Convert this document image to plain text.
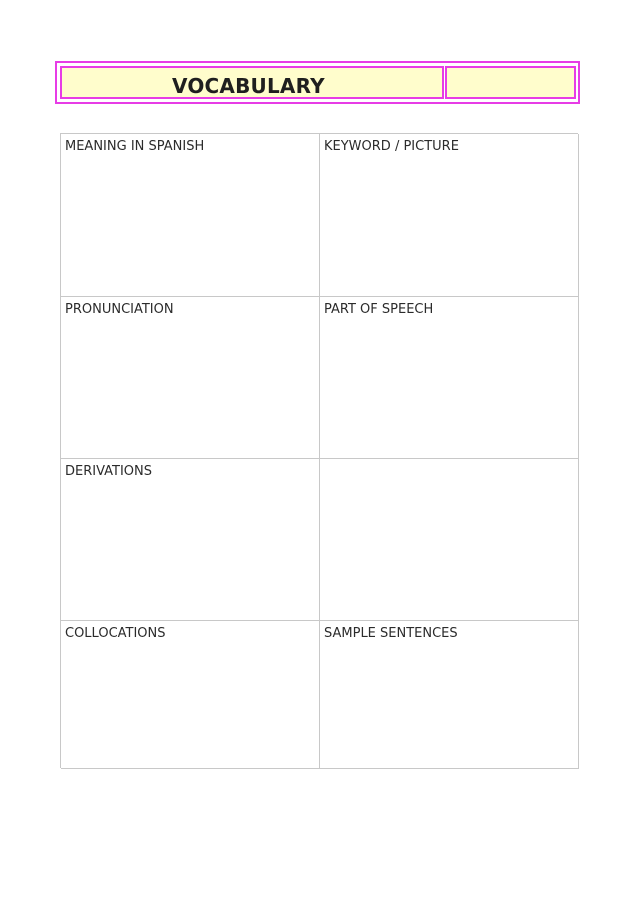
VOCABULARY
MEANING IN SPANISH	KEYWORD / PICTURE
PRONUNCIATION	PART OF SPEECH
DERIVATIONS
COLLOCATIONS	SAMPLE SENTENCES
